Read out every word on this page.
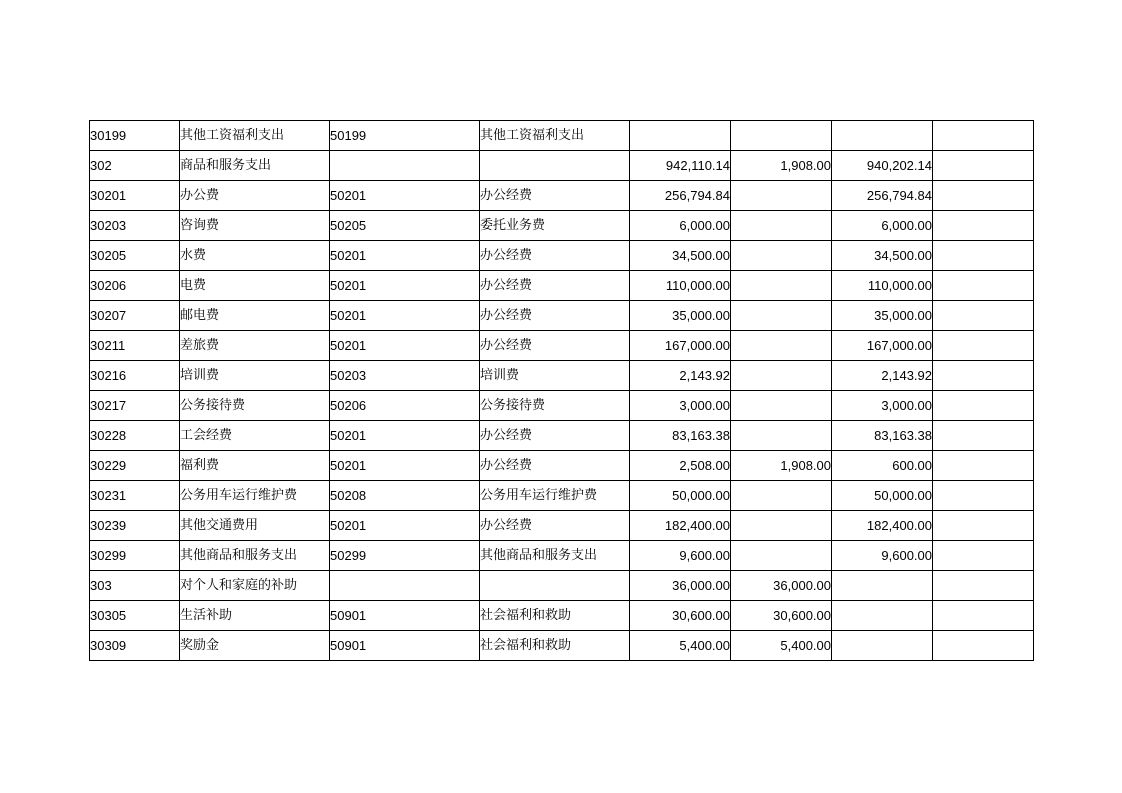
30199	其他工资福利支出	50199	其他工资福利支出				
302	商品和服务支出			942,110.14	1,908.00	940,202.14	
30201	办公费	50201	办公经费	256,794.84		256,794.84	
30203	咨询费	50205	委托业务费	6,000.00		6,000.00	
30205	水费	50201	办公经费	34,500.00		34,500.00	
30206	电费	50201	办公经费	110,000.00		110,000.00	
30207	邮电费	50201	办公经费	35,000.00		35,000.00	
30211	差旅费	50201	办公经费	167,000.00		167,000.00	
30216	培训费	50203	培训费	2,143.92		2,143.92	
30217	公务接待费	50206	公务接待费	3,000.00		3,000.00	
30228	工会经费	50201	办公经费	83,163.38		83,163.38	
30229	福利费	50201	办公经费	2,508.00	1,908.00	600.00	
30231	公务用车运行维护费	50208	公务用车运行维护费	50,000.00		50,000.00	
30239	其他交通费用	50201	办公经费	182,400.00		182,400.00	
30299	其他商品和服务支出	50299	其他商品和服务支出	9,600.00		9,600.00	
303	对个人和家庭的补助			36,000.00	36,000.00		
30305	生活补助	50901	社会福利和救助	30,600.00	30,600.00		
30309	奖励金	50901	社会福利和救助	5,400.00	5,400.00		
